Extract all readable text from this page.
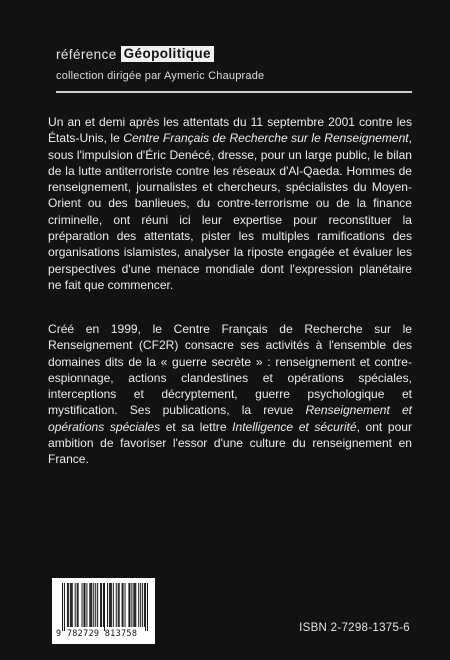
référence Géopolitique
collection dirigée par Aymeric Chauprade
Un an et demi après les attentats du 11 septembre 2001 contre les États-Unis, le Centre Français de Recherche sur le Renseignement, sous l'impulsion d'Éric Denécé, dresse, pour un large public, le bilan de la lutte antiterroriste contre les réseaux d'Al-Qaeda. Hommes de renseignement, journalistes et chercheurs, spécialistes du Moyen-Orient ou des banlieues, du contre-terrorisme ou de la finance criminelle, ont réuni ici leur expertise pour reconstituer la préparation des attentats, pister les multiples ramifications des organisations islamistes, analyser la riposte engagée et évaluer les perspectives d'une menace mondiale dont l'expression planétaire ne fait que commencer.
Créé en 1999, le Centre Français de Recherche sur le Renseignement (CF2R) consacre ses activités à l'ensemble des domaines dits de la « guerre secrète » : renseignement et contre-espionnage, actions clandestines et opérations spéciales, interceptions et décryptement, guerre psychologique et mystification. Ses publications, la revue Renseignement et opérations spéciales et sa lettre Intelligence et sécurité, ont pour ambition de favoriser l'essor d'une culture du renseignement en France.
9 782729 813758	ISBN 2-7298-1375-6
